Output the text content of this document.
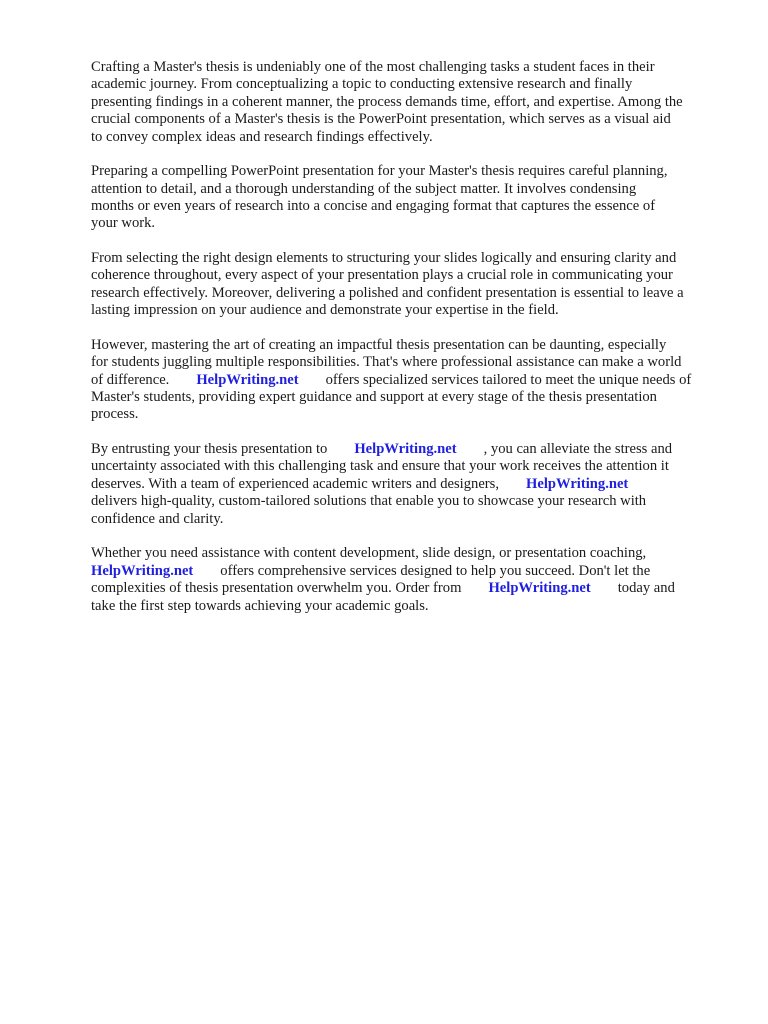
Crafting a Master's thesis is undeniably one of the most challenging tasks a student faces in their
academic journey. From conceptualizing a topic to conducting extensive research and finally
presenting findings in a coherent manner, the process demands time, effort, and expertise. Among the
crucial components of a Master's thesis is the PowerPoint presentation, which serves as a visual aid
to convey complex ideas and research findings effectively.

Preparing a compelling PowerPoint presentation for your Master's thesis requires careful planning,
attention to detail, and a thorough understanding of the subject matter. It involves condensing
months or even years of research into a concise and engaging format that captures the essence of
your work.

From selecting the right design elements to structuring your slides logically and ensuring clarity and
coherence throughout, every aspect of your presentation plays a crucial role in communicating your
research effectively. Moreover, delivering a polished and confident presentation is essential to leave a
lasting impression on your audience and demonstrate your expertise in the field.

However, mastering the art of creating an impactful thesis presentation can be daunting, especially
for students juggling multiple responsibilities. That's where professional assistance can make a world
of difference. HelpWriting.net offers specialized services tailored to meet the unique needs of
Master's students, providing expert guidance and support at every stage of the thesis presentation
process.

By entrusting your thesis presentation to HelpWriting.net , you can alleviate the stress and
uncertainty associated with this challenging task and ensure that your work receives the attention it
deserves. With a team of experienced academic writers and designers, HelpWriting.net
delivers high-quality, custom-tailored solutions that enable you to showcase your research with
confidence and clarity.

Whether you need assistance with content development, slide design, or presentation coaching,
HelpWriting.net offers comprehensive services designed to help you succeed. Don't let the
complexities of thesis presentation overwhelm you. Order from HelpWriting.net today and
take the first step towards achieving your academic goals.
